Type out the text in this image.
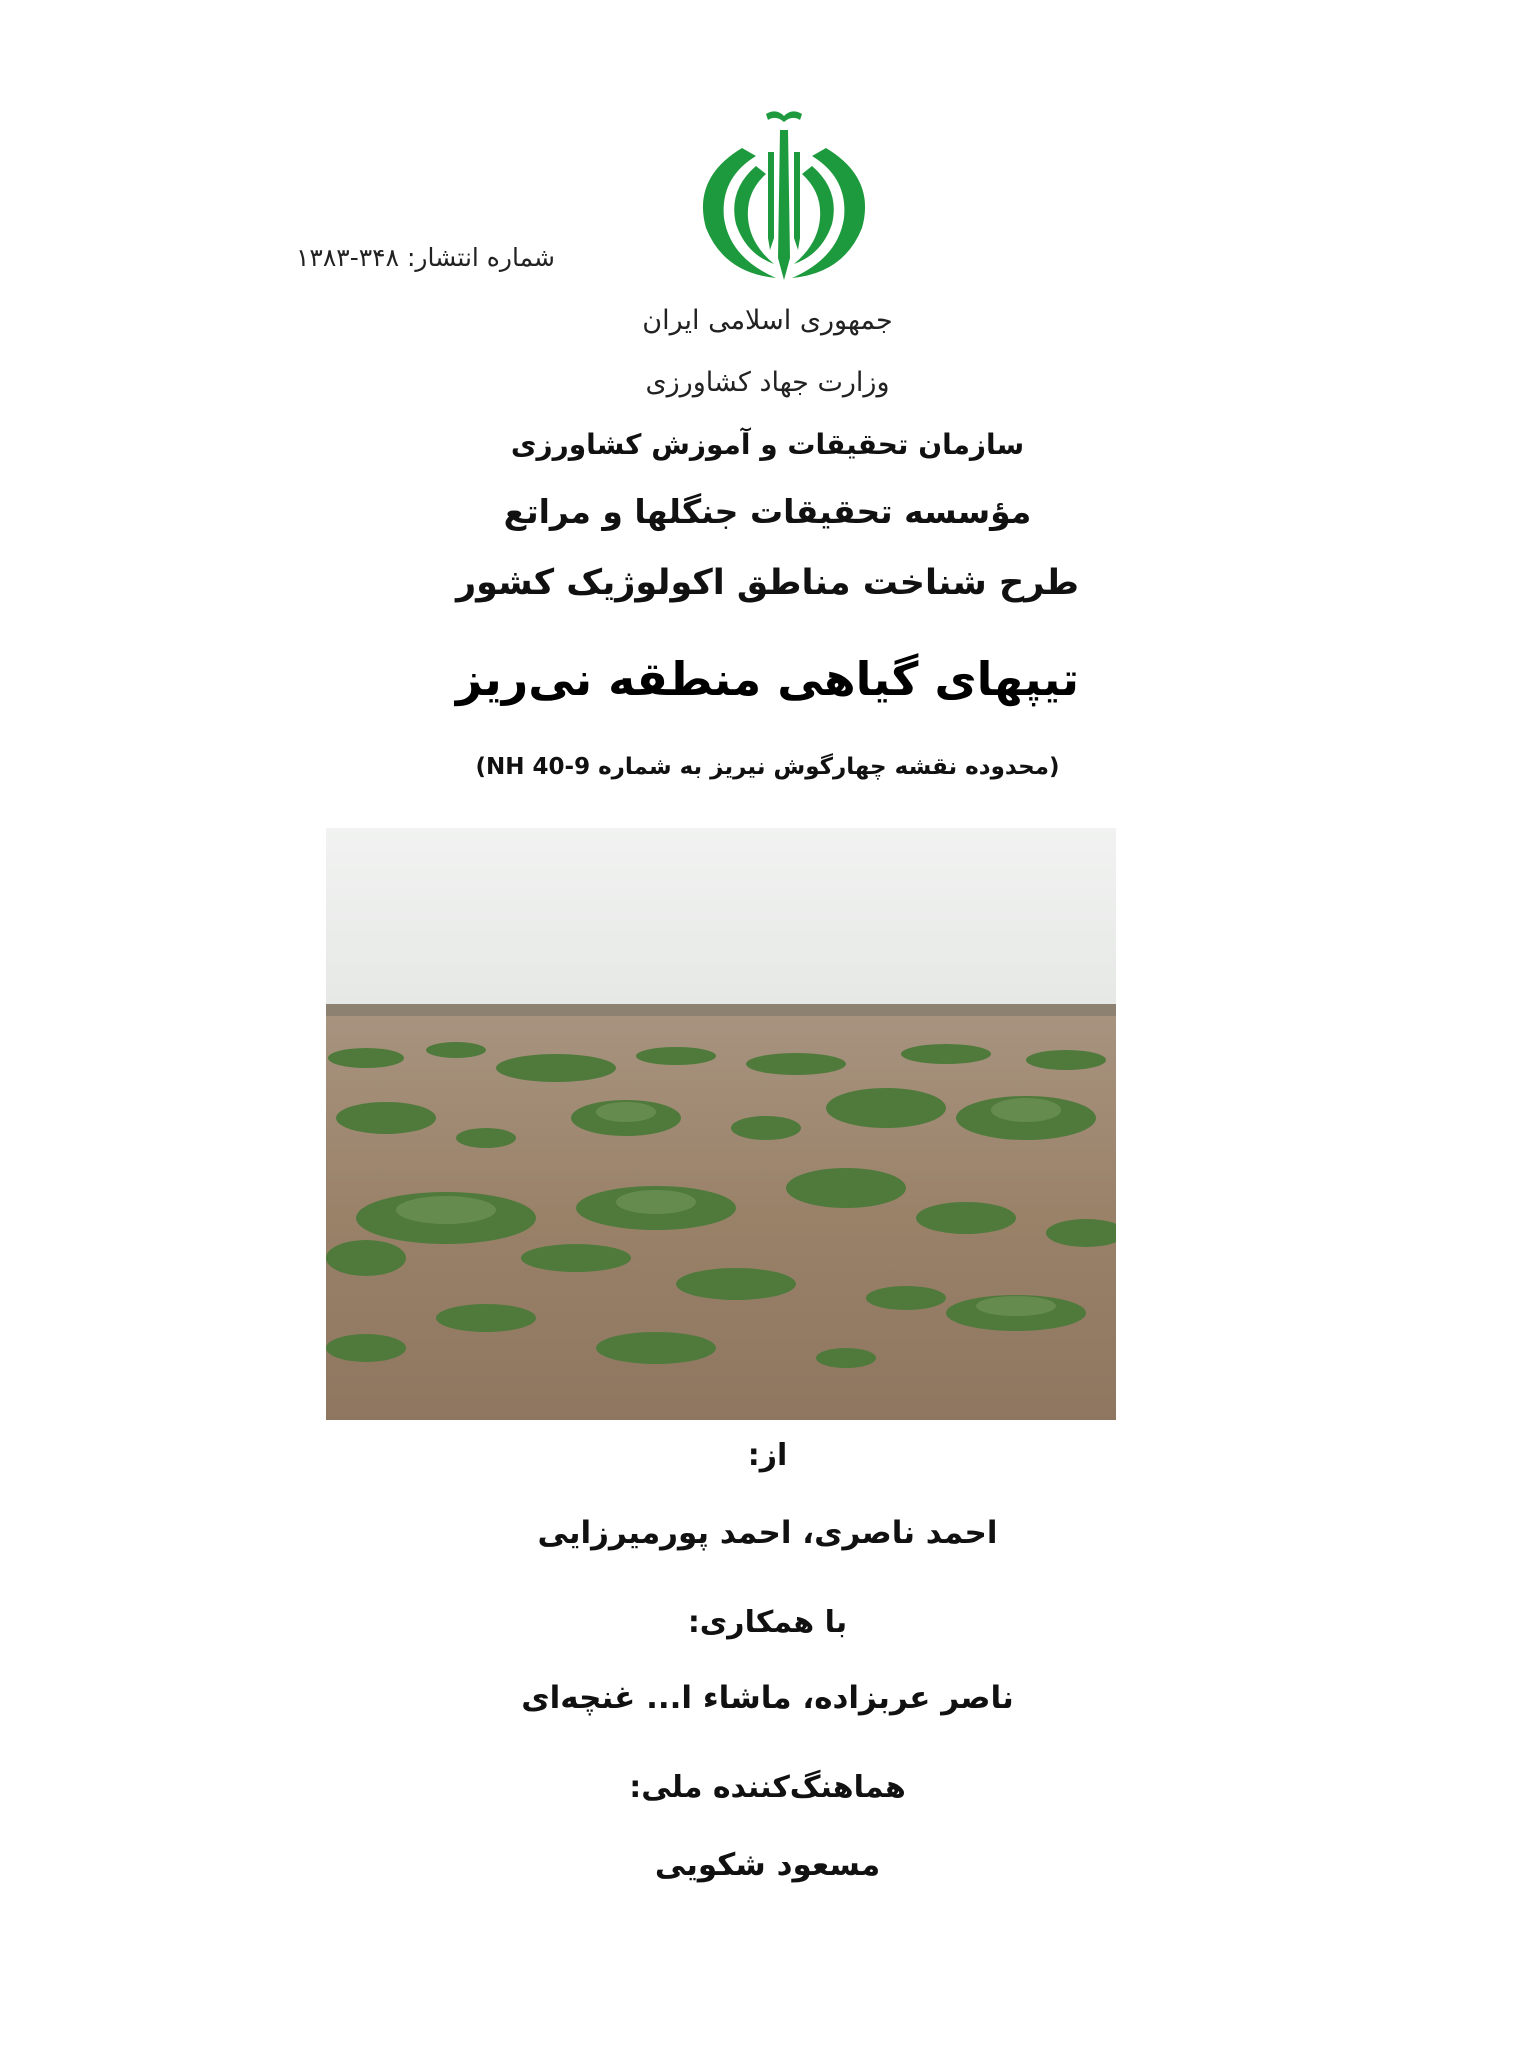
شماره انتشار: ۳۴۸-۱۳۸۳
جمهوری اسلامی ایران
وزارت جهاد کشاورزی
سازمان تحقیقات و آموزش کشاورزی
مؤسسه تحقیقات جنگلها و مراتع
طرح شناخت مناطق اکولوژیک کشور
تیپهای گیاهی منطقه نی‌ریز
(محدوده نقشه چهارگوش نیریز به شماره NH 40-9)
از:
احمد ناصری، احمد پورمیرزایی
با همکاری:
ناصر عربزاده، ماشاء ا... غنچه‌ای
هماهنگ‌کننده ملی:
مسعود شکویی
